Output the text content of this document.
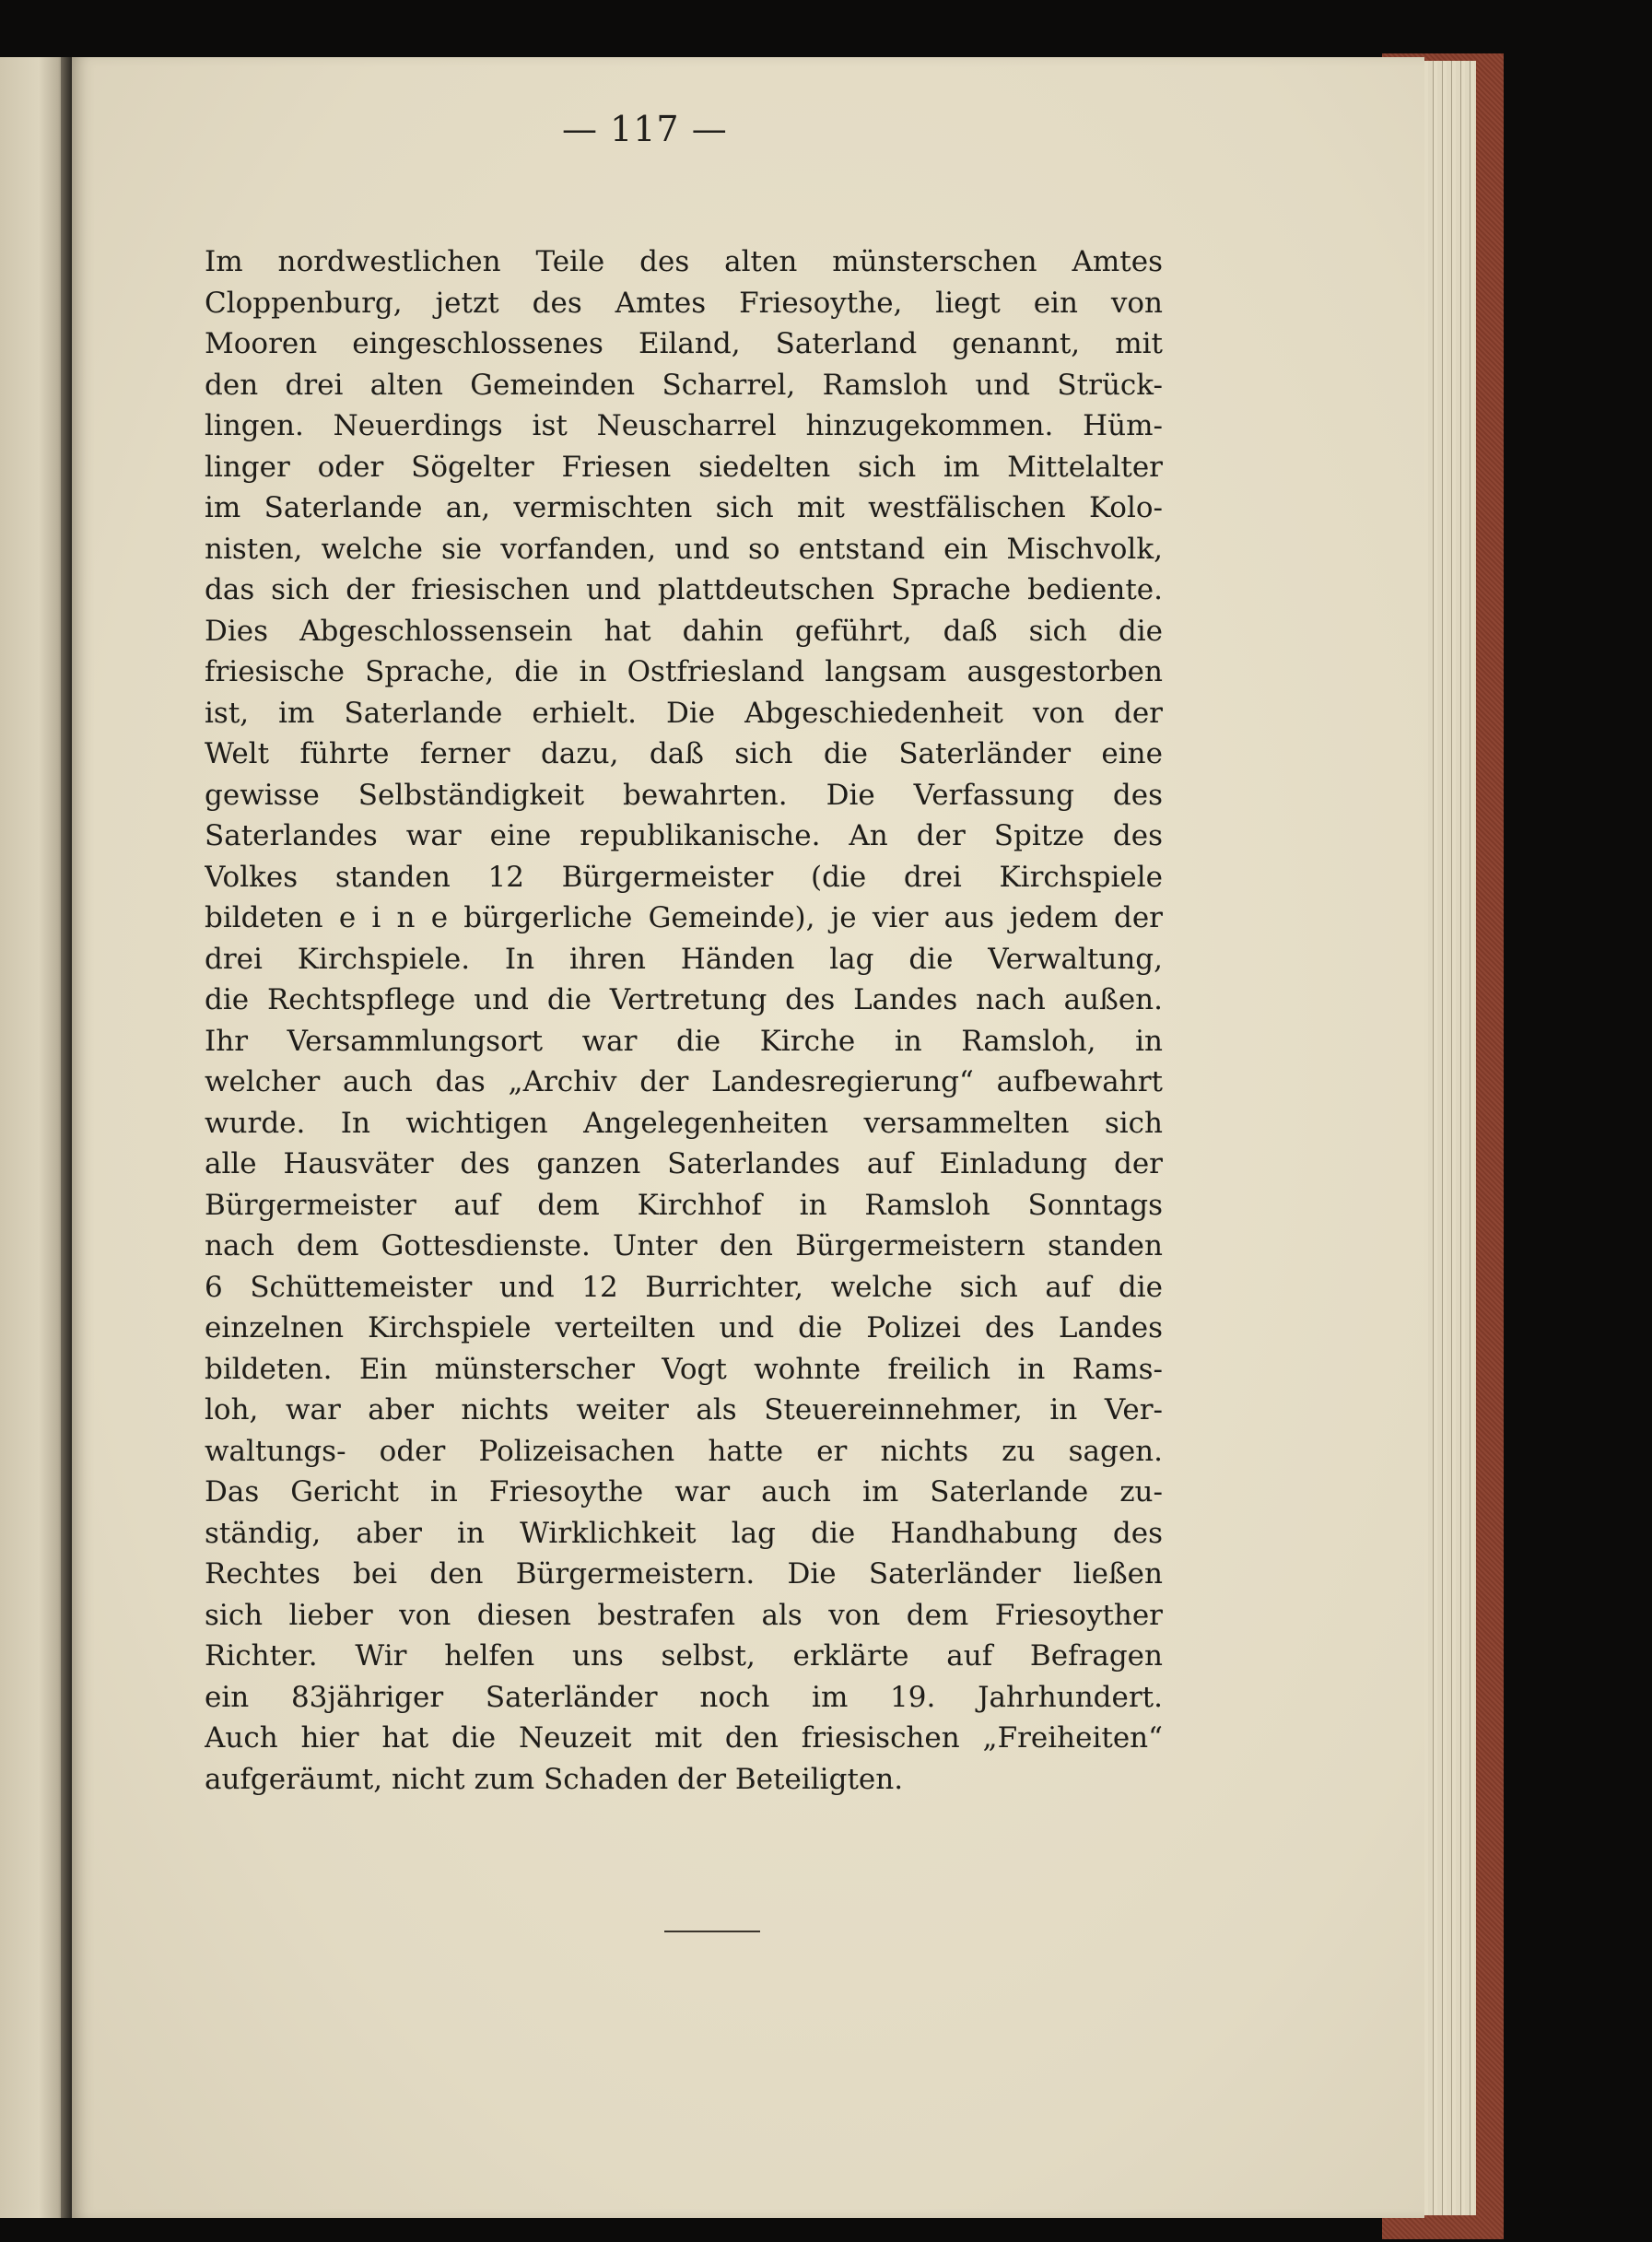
— 117 —
Im nordwestlichen Teile des alten münsterschen Amtes
Cloppenburg, jetzt des Amtes Friesoythe, liegt ein von
Mooren eingeschlossenes Eiland, Saterland genannt, mit
den drei alten Gemeinden Scharrel, Ramsloh und Strück-
lingen. Neuerdings ist Neuscharrel hinzugekommen. Hüm-
linger oder Sögelter Friesen siedelten sich im Mittelalter
im Saterlande an, vermischten sich mit westfälischen Kolo-
nisten, welche sie vorfanden, und so entstand ein Mischvolk,
das sich der friesischen und plattdeutschen Sprache bediente.
Dies Abgeschlossensein hat dahin geführt, daß sich die
friesische Sprache, die in Ostfriesland langsam ausgestorben
ist, im Saterlande erhielt. Die Abgeschiedenheit von der
Welt führte ferner dazu, daß sich die Saterländer eine
gewisse Selbständigkeit bewahrten. Die Verfassung des
Saterlandes war eine republikanische. An der Spitze des
Volkes standen 12 Bürgermeister (die drei Kirchspiele
bildeten e i n e bürgerliche Gemeinde), je vier aus jedem der
drei Kirchspiele. In ihren Händen lag die Verwaltung,
die Rechtspflege und die Vertretung des Landes nach außen.
Ihr Versammlungsort war die Kirche in Ramsloh, in
welcher auch das „Archiv der Landesregierung“ aufbewahrt
wurde. In wichtigen Angelegenheiten versammelten sich
alle Hausväter des ganzen Saterlandes auf Einladung der
Bürgermeister auf dem Kirchhof in Ramsloh Sonntags
nach dem Gottesdienste. Unter den Bürgermeistern standen
6 Schüttemeister und 12 Burrichter, welche sich auf die
einzelnen Kirchspiele verteilten und die Polizei des Landes
bildeten. Ein münsterscher Vogt wohnte freilich in Rams-
loh, war aber nichts weiter als Steuereinnehmer, in Ver-
waltungs- oder Polizeisachen hatte er nichts zu sagen.
Das Gericht in Friesoythe war auch im Saterlande zu-
ständig, aber in Wirklichkeit lag die Handhabung des
Rechtes bei den Bürgermeistern. Die Saterländer ließen
sich lieber von diesen bestrafen als von dem Friesoyther
Richter. Wir helfen uns selbst, erklärte auf Befragen
ein 83jähriger Saterländer noch im 19. Jahrhundert.
Auch hier hat die Neuzeit mit den friesischen „Freiheiten“
aufgeräumt, nicht zum Schaden der Beteiligten.
